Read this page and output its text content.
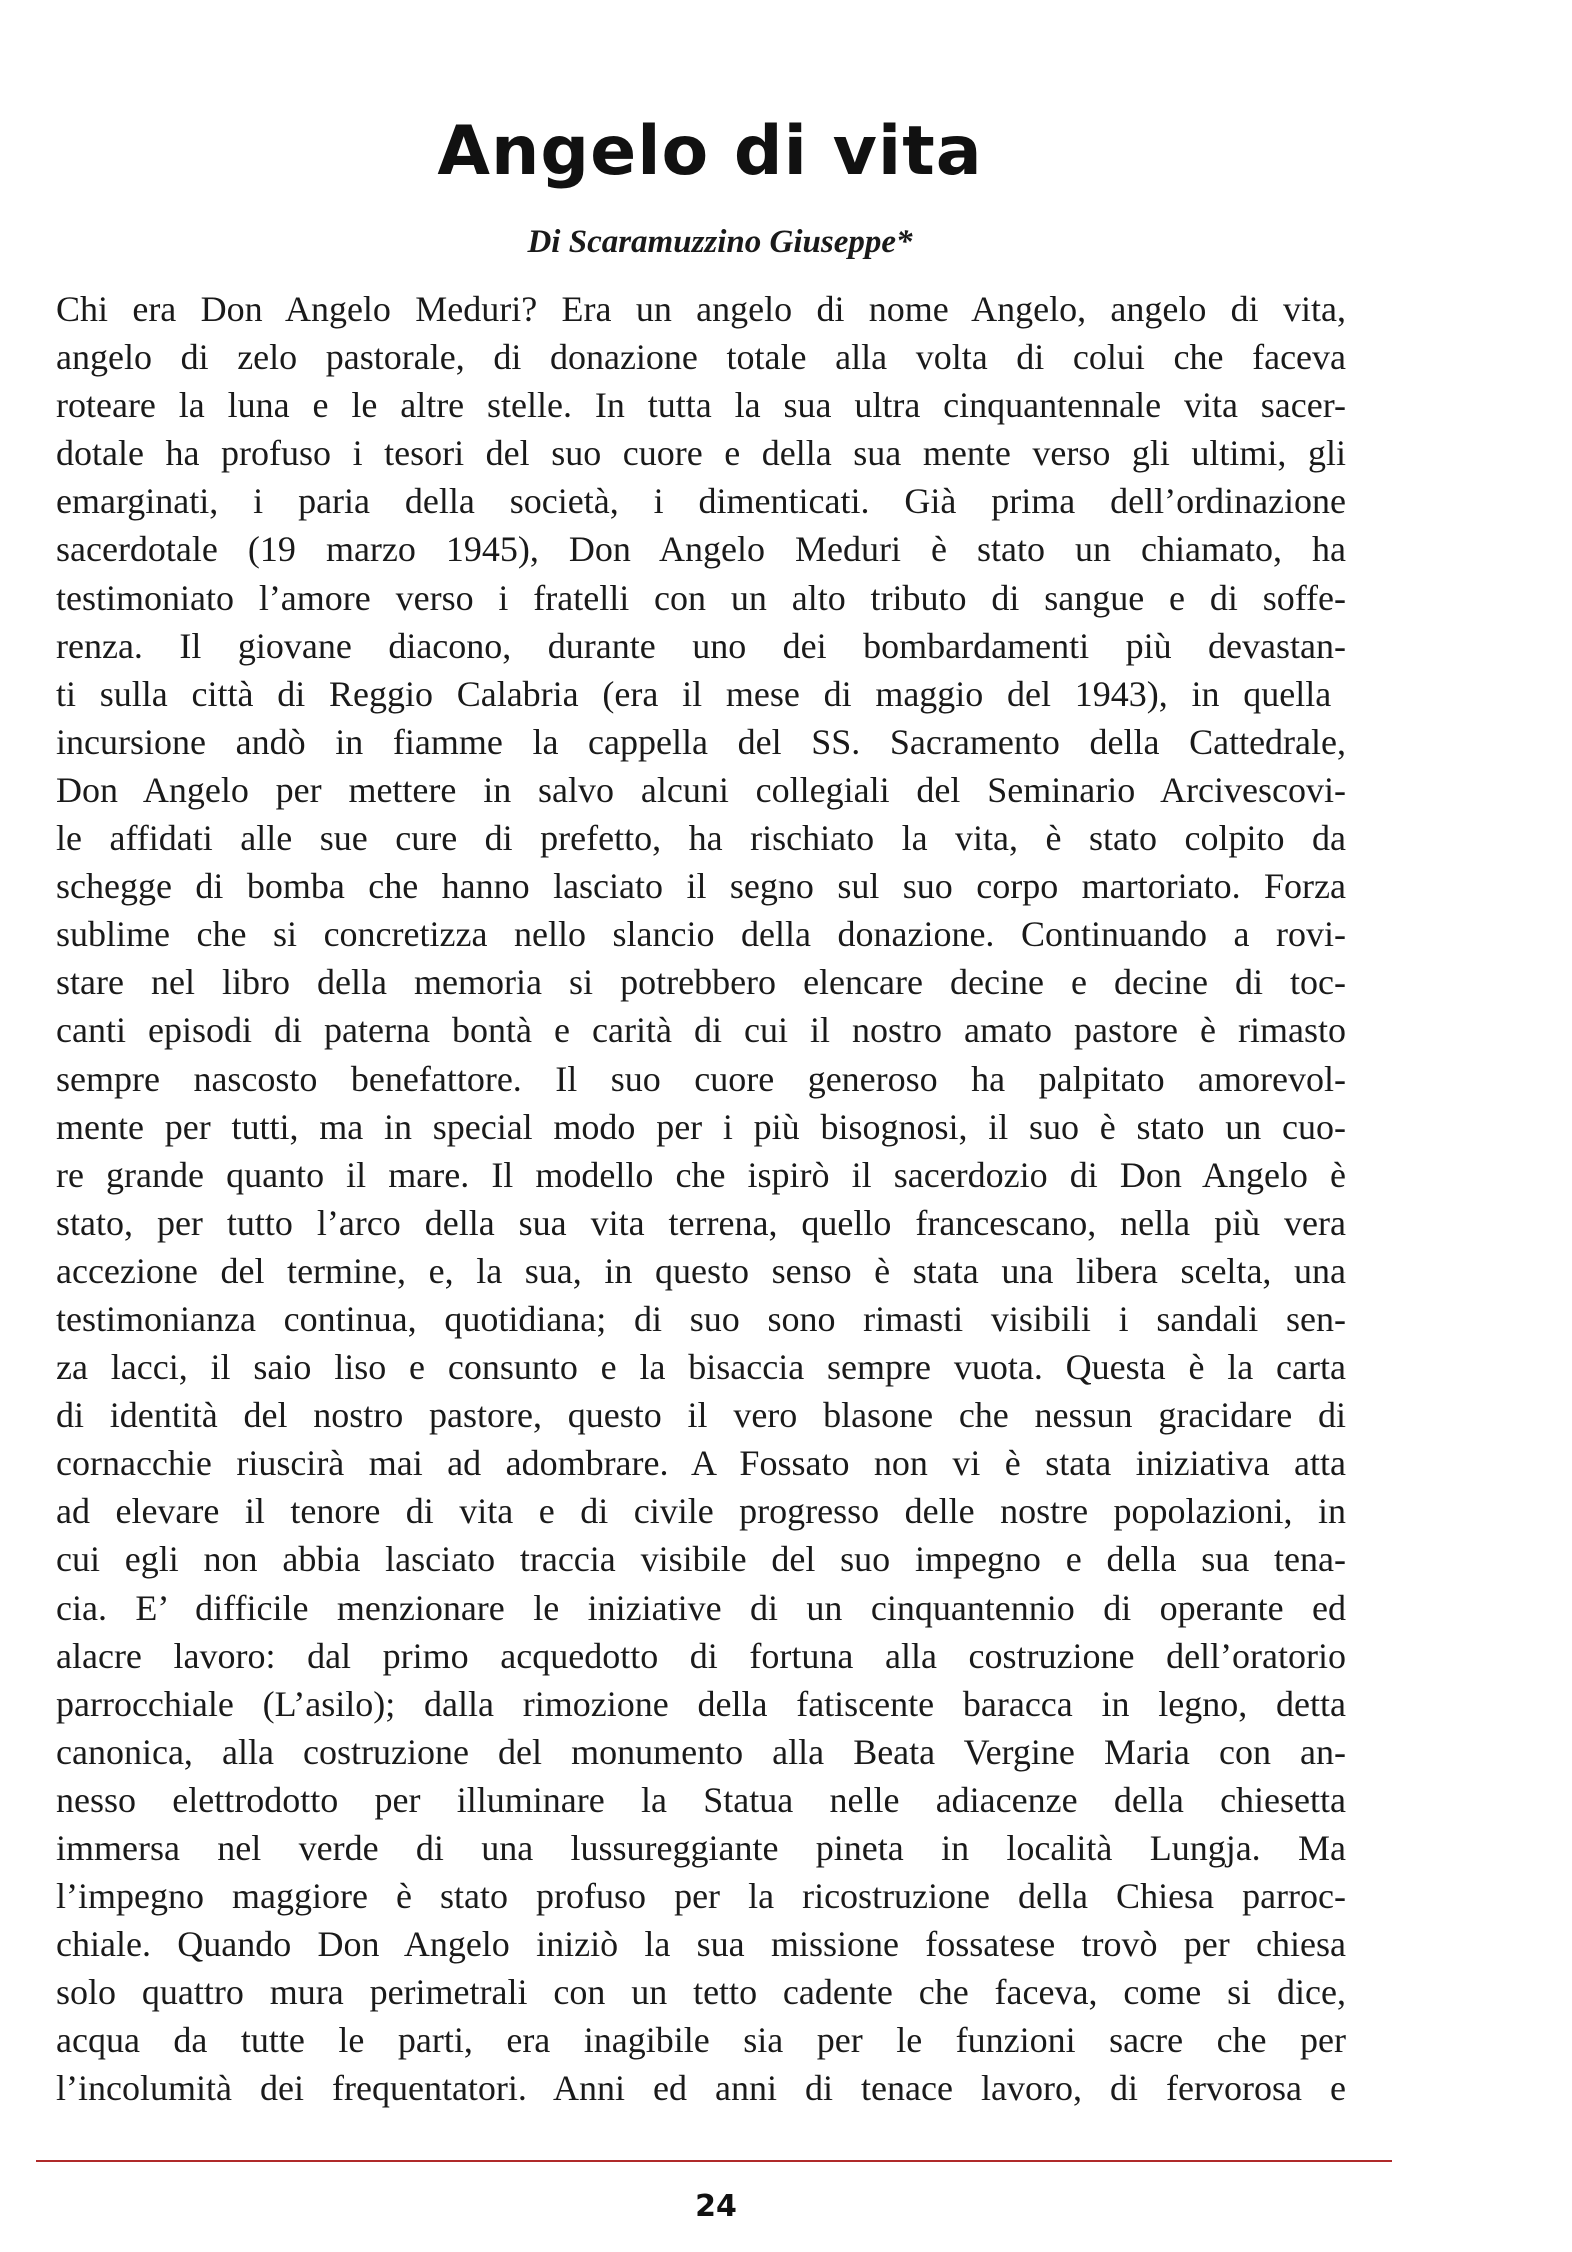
Angelo di vita
Di Scaramuzzino Giuseppe*
Chi era Don Angelo Meduri? Era un angelo di nome Angelo, angelo di vita,
angelo di zelo pastorale, di donazione totale alla volta di colui che faceva
roteare la luna e le altre stelle. In tutta la sua ultra cinquantennale vita sacer-
dotale ha profuso i tesori del suo cuore e della sua mente verso gli ultimi, gli
emarginati, i paria della società, i dimenticati. Già prima dell’ordinazione
sacerdotale (19 marzo 1945), Don Angelo Meduri è stato un chiamato, ha
testimoniato l’amore verso i fratelli con un alto tributo di sangue e di soffe-
renza. Il giovane diacono, durante uno dei bombardamenti più devastan-
ti sulla città di Reggio Calabria (era il mese di maggio del 1943), in quella
incursione andò in fiamme la cappella del SS. Sacramento della Cattedrale,
Don Angelo per mettere in salvo alcuni collegiali del Seminario Arcivescovi-
le affidati alle sue cure di prefetto, ha rischiato la vita, è stato colpito da
schegge di bomba che hanno lasciato il segno sul suo corpo martoriato. Forza
sublime che si concretizza nello slancio della donazione. Continuando a rovi-
stare nel libro della memoria si potrebbero elencare decine e decine di toc-
canti episodi di paterna bontà e carità di cui il nostro amato pastore è rimasto
sempre nascosto benefattore. Il suo cuore generoso ha palpitato amorevol-
mente per tutti, ma in special modo per i più bisognosi, il suo è stato un cuo-
re grande quanto il mare. Il modello che ispirò il sacerdozio di Don Angelo è
stato, per tutto l’arco della sua vita terrena, quello francescano, nella più vera
accezione del termine, e, la sua, in questo senso è stata una libera scelta, una
testimonianza continua, quotidiana; di suo sono rimasti visibili i sandali sen-
za lacci, il saio liso e consunto e la bisaccia sempre vuota. Questa è la carta
di identità del nostro pastore, questo il vero blasone che nessun gracidare di
cornacchie riuscirà mai ad adombrare. A Fossato non vi è stata iniziativa atta
ad elevare il tenore di vita e di civile progresso delle nostre popolazioni, in
cui egli non abbia lasciato traccia visibile del suo impegno e della sua tena-
cia. E’ difficile menzionare le iniziative di un cinquantennio di operante ed
alacre lavoro: dal primo acquedotto di fortuna alla costruzione dell’oratorio
parrocchiale (L’asilo); dalla rimozione della fatiscente baracca in legno, detta
canonica, alla costruzione del monumento alla Beata Vergine Maria con an-
nesso elettrodotto per illuminare la Statua nelle adiacenze della chiesetta
immersa nel verde di una lussureggiante pineta in località Lungja. Ma
l’impegno maggiore è stato profuso per la ricostruzione della Chiesa parroc-
chiale. Quando Don Angelo iniziò la sua missione fossatese trovò per chiesa
solo quattro mura perimetrali con un tetto cadente che faceva, come si dice,
acqua da tutte le parti, era inagibile sia per le funzioni sacre che per
l’incolumità dei frequentatori. Anni ed anni di tenace lavoro, di fervorosa e
24
